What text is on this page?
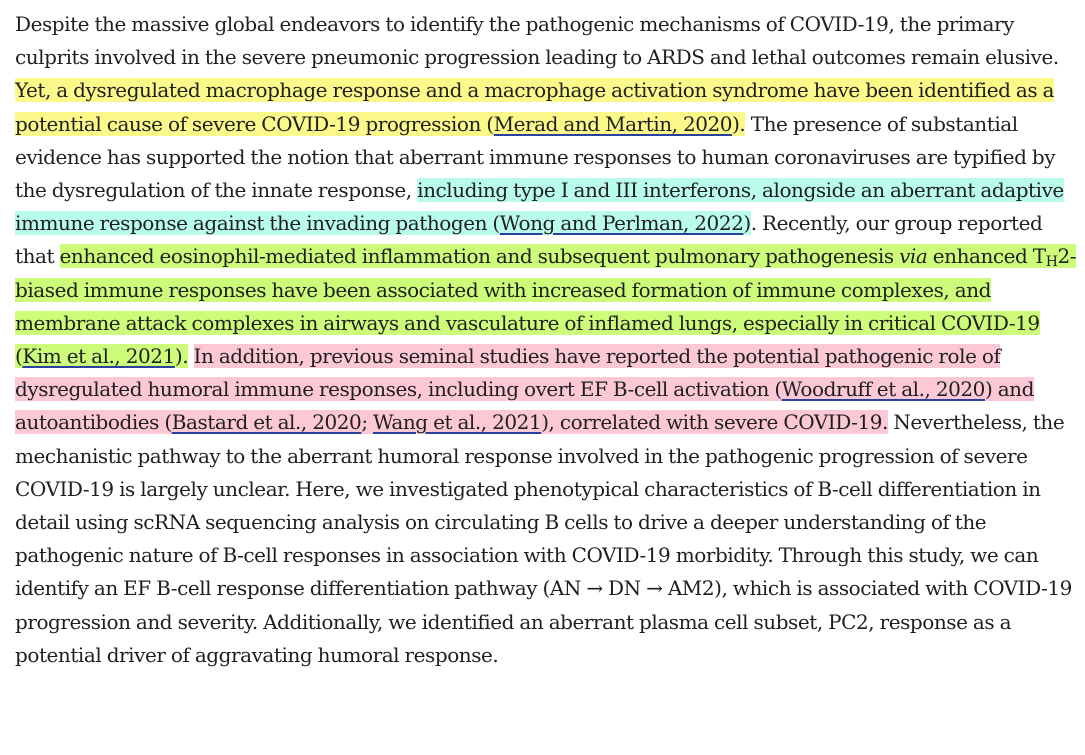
Despite the massive global endeavors to identify the pathogenic mechanisms of COVID-19, the primary culprits involved in the severe pneumonic progression leading to ARDS and lethal outcomes remain elusive. Yet, a dysregulated macrophage response and a macrophage activation syndrome have been identified as a potential cause of severe COVID-19 progression (Merad and Martin, 2020). The presence of substantial evidence has supported the notion that aberrant immune responses to human coronaviruses are typified by the dysregulation of the innate response, including type I and III interferons, alongside an aberrant adaptive immune response against the invading pathogen (Wong and Perlman, 2022). Recently, our group reported that enhanced eosinophil-mediated inflammation and subsequent pulmonary pathogenesis via enhanced $T_H2$-biased immune responses have been associated with increased formation of immune complexes, and membrane attack complexes in airways and vasculature of inflamed lungs, especially in critical COVID-19 (Kim et al., 2021). In addition, previous seminal studies have reported the potential pathogenic role of dysregulated humoral immune responses, including overt EF B-cell activation (Woodruff et al., 2020) and autoantibodies (Bastard et al., 2020; Wang et al., 2021), correlated with severe COVID-19. Nevertheless, the mechanistic pathway to the aberrant humoral response involved in the pathogenic progression of severe COVID-19 is largely unclear. Here, we investigated phenotypical characteristics of B-cell differentiation in detail using scRNA sequencing analysis on circulating B cells to drive a deeper understanding of the pathogenic nature of B-cell responses in association with COVID-19 morbidity. Through this study, we can identify an EF B-cell response differentiation pathway (AN → DN → AM2), which is associated with COVID-19 progression and severity. Additionally, we identified an aberrant plasma cell subset, PC2, response as a potential driver of aggravating humoral response.
